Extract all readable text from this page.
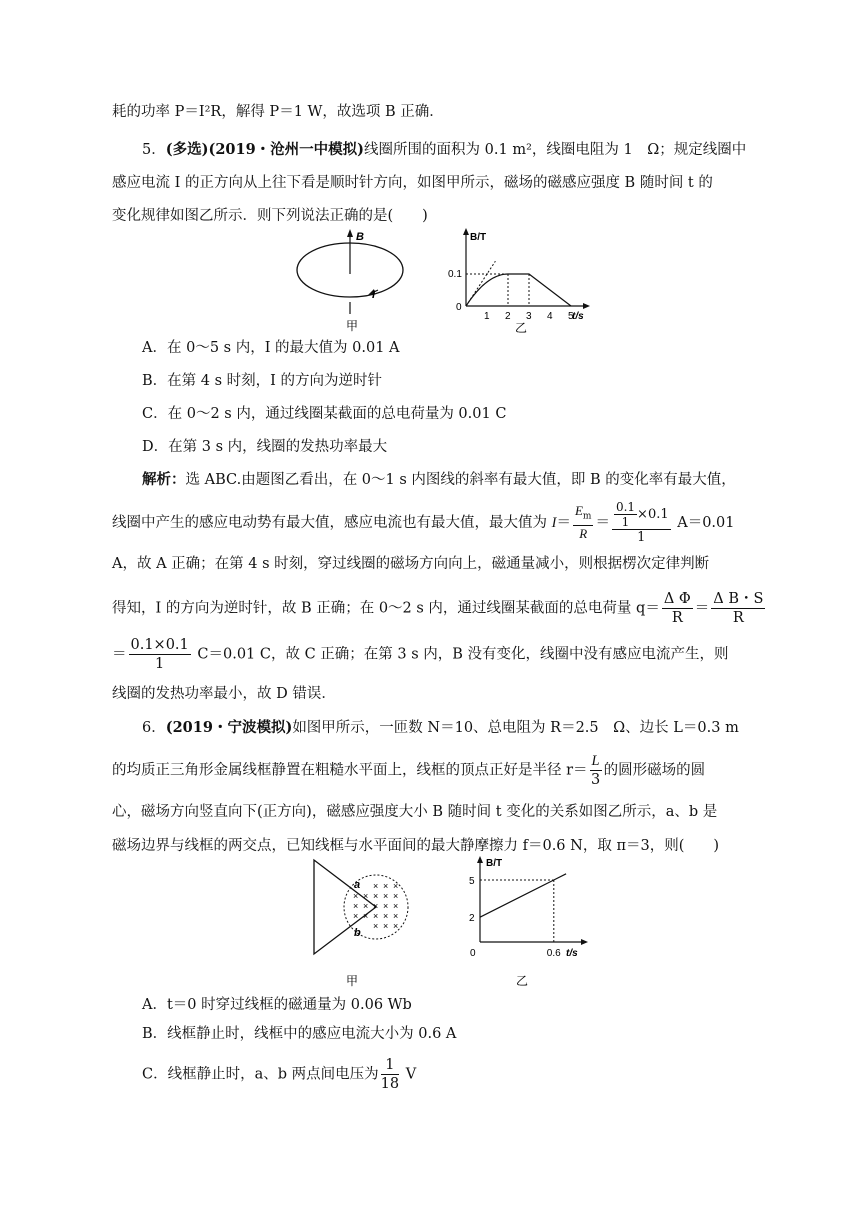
耗的功率 P＝I²R，解得 P＝1 W，故选项 B 正确．
5．(多选)(2019・沧州一中模拟)线圈所围的面积为 0.1 m²，线圈电阻为 1　Ω；规定线圈中
感应电流 I 的正方向从上往下看是顺时针方向，如图甲所示，磁场的磁感应强度 B 随时间 t 的
变化规律如图乙所示．则下列说法正确的是(　　)
B
I
甲
B/T
t/s
0
0.1
1 2 3 4 5
乙
A．在 0～5 s 内，I 的最大值为 0.01 A
B．在第 4 s 时刻，I 的方向为逆时针
C．在 0～2 s 内，通过线圈某截面的总电荷量为 0.01 C
D．在第 3 s 内，线圈的发热功率最大
解析：选 ABC.由题图乙看出，在 0～1 s 内图线的斜率有最大值，即 B 的变化率有最大值，
线圈中产生的感应电动势有最大值，感应电流也有最大值，最大值为 $I= \frac{E_m}{R} = \frac{\frac{0.1}{1} \times 0.1}{1} A=0.01$
A，故 A 正确；在第 4 s 时刻，穿过线圈的磁场方向向上，磁通量减小，则根据楞次定律判断
得知，I 的方向为逆时针，故 B 正确；在 0～2 s 内，通过线圈某截面的总电荷量 $q= \frac{\text{Δ Φ}}{R} = \frac{\text{Δ B・S}}{R}$
＝ $\frac{0.1\times 0.1}{1} C=0.01$ C，故 C 正确；在第 3 s 内，B 没有变化，线圈中没有感应电流产生，则
线圈的发热功率最小，故 D 错误．
6．(2019・宁波模拟)如图甲所示，一匝数 N＝10、总电阻为 R＝2.5　Ω、边长 L＝0.3 m
的均质正三角形金属线框静置在粗糙水平面上，线框的顶点正好是半径 $r= \frac{L}{3}$ 的圆形磁场的圆
心，磁场方向竖直向下(正方向)，磁感应强度大小 B 随时间 t 变化的关系如图乙所示，a、b 是
磁场边界与线框的两交点，已知线框与水平面间的最大静摩擦力 f＝0.6 N，取 π＝3，则(　　)
× × ×
× × × × ×
× × × × ×
× × × × ×
× × ×
a
b
甲
B/T
t/s
0
2
5
0.6
乙
A．t＝0 时穿过线框的磁通量为 0.06 Wb
B．线框静止时，线框中的感应电流大小为 0.6 A
C．线框静止时，a、b 两点间电压为 $\frac{1}{18}$ V
